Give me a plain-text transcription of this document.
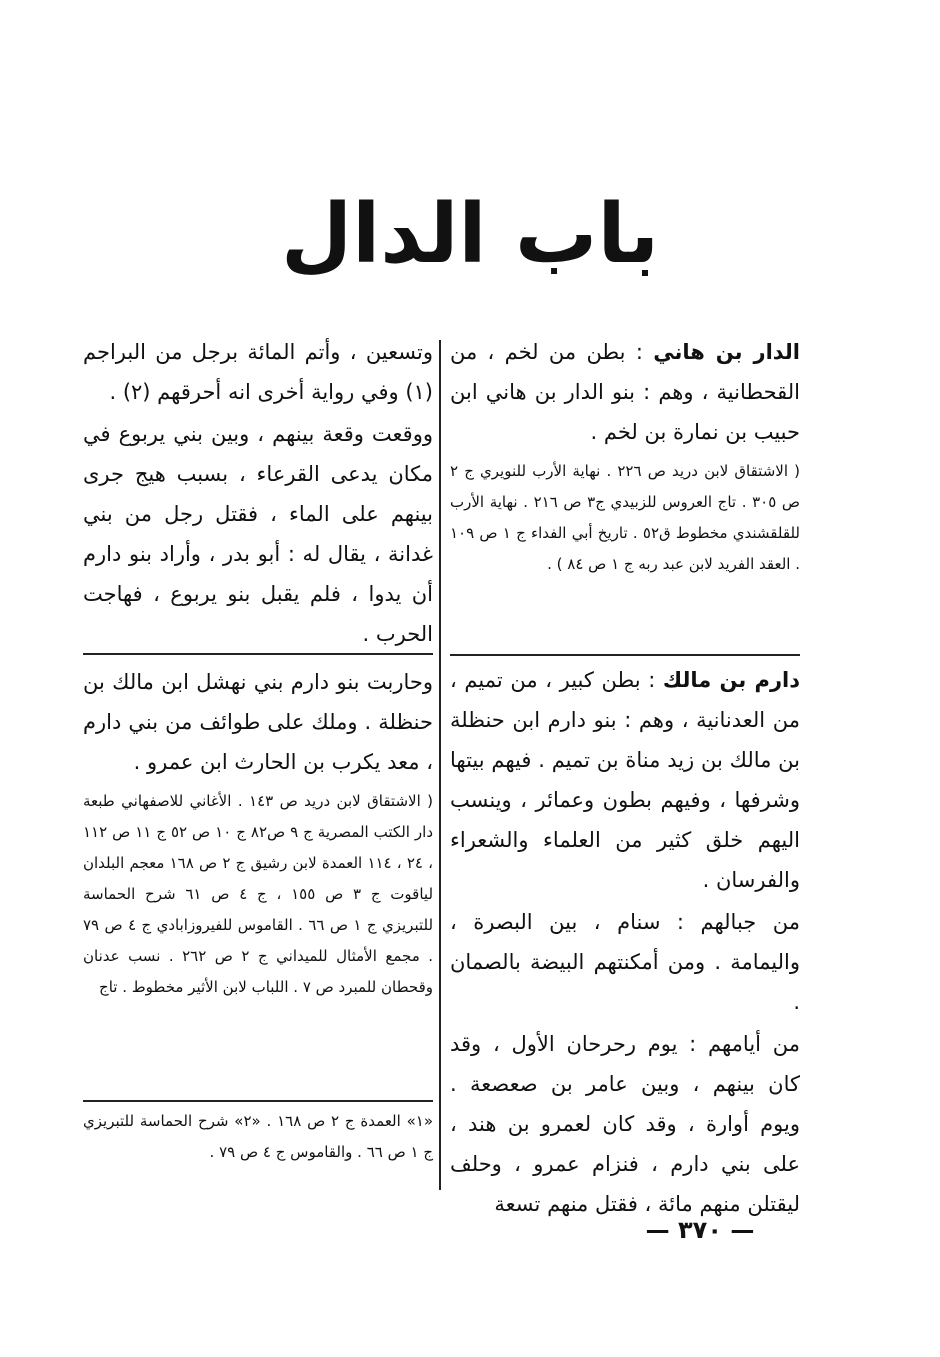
باب الدال

الدار بن هاني : بطن من لخم ، من القحطانية ، وهم : بنو الدار بن هاني ابن حبيب بن نمارة بن لخم .

( الاشتقاق لابن دريد ص ٢٢٦ . نهاية الأرب للنويري ج ٢ ص ٣٠٥ . تاج العروس للزبيدي ج٣ ص ٢١٦ . نهاية الأرب للقلقشندي مخطوط ق٥٢ . تاريخ أبي الفداء ج ١ ص ١٠٩ . العقد الفريد لابن عبد ربه ج ١ ص ٨٤ ) .

دارم بن مالك : بطن كبير ، من تميم ، من العدنانية ، وهم : بنو دارم ابن حنظلة بن مالك بن زيد مناة بن تميم . فيهم بيتها وشرفها ، وفيهم بطون وعمائر ، وينسب اليهم خلق كثير من العلماء والشعراء والفرسان .

من جبالهم : سنام ، بين البصرة ، واليمامة . ومن أمكنتهم البيضة بالصمان .

من أيامهم : يوم رحرحان الأول ، وقد كان بينهم ، وبين عامر بن صعصعة . ويوم أوارة ، وقد كان لعمرو بن هند ، على بني دارم ، فنزام عمرو ، وحلف ليقتلن منهم مائة ، فقتل منهم تسعة

وتسعين ، وأتم المائة برجل من البراجم (١) وفي رواية أخرى انه أحرقهم (٢) .

ووقعت وقعة بينهم ، وبين بني يربوع في مكان يدعى القرعاء ، بسبب هيج جرى بينهم على الماء ، فقتل رجل من بني غدانة ، يقال له : أبو بدر ، وأراد بنو دارم أن يدوا ، فلم يقبل بنو يربوع ، فهاجت الحرب .

وحاربت بنو دارم بني نهشل ابن مالك بن حنظلة . وملك على طوائف من بني دارم ، معد يكرب بن الحارث ابن عمرو .

( الاشتقاق لابن دريد ص ١٤٣ . الأغاني للاصفهاني طبعة دار الكتب المصرية ج ٩ ص٨٢ ج ١٠ ص ٥٢ ج ١١ ص ١١٢ ، ٢٤ ، ١١٤ العمدة لابن رشيق ج ٢ ص ١٦٨ معجم البلدان لياقوت ج ٣ ص ١٥٥ ، ج ٤ ص ٦١ شرح الحماسة للتبريزي ج ١ ص ٦٦ . القاموس للفيروزابادي ج ٤ ص ٧٩ . مجمع الأمثال للميداني ج ٢ ص ٢٦٢ . نسب عدنان وقحطان للمبرد ص ٧ . اللباب لابن الأثير مخطوط . تاج

«١» العمدة ج ٢ ص ١٦٨ . «٢» شرح الحماسة للتبريزي ج ١ ص ٦٦ . والقاموس ج ٤ ص ٧٩ .
— ٣٧٠ —
